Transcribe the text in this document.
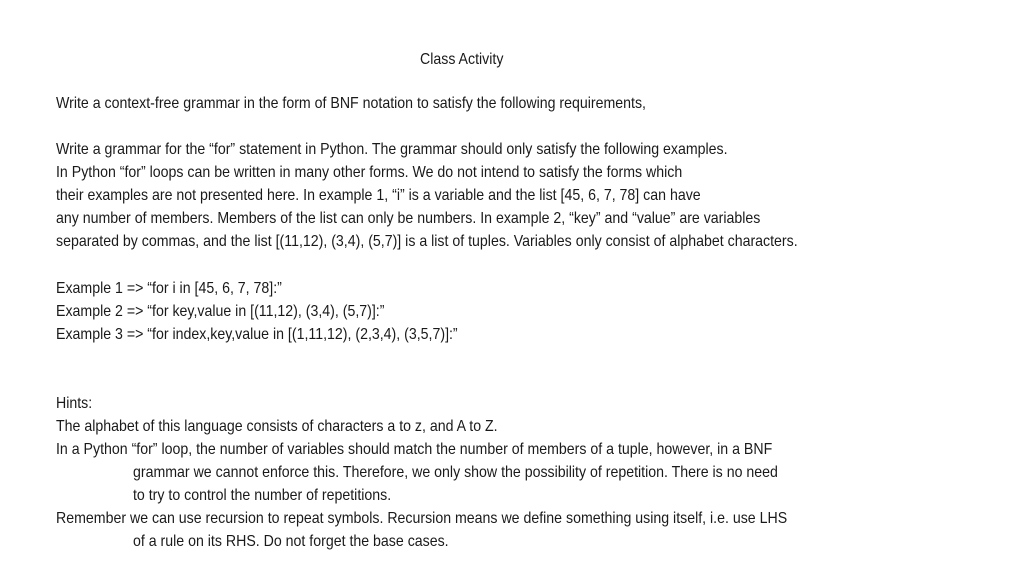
Class Activity
Write a context-free grammar in the form of BNF notation to satisfy the following requirements,
Write a grammar for the “for” statement in Python. The grammar should only satisfy the following examples.
In Python “for” loops can be written in many other forms. We do not intend to satisfy the forms which
their examples are not presented here. In example 1, “i” is a variable and the list [45, 6, 7, 78] can have
any number of members. Members of the list can only be numbers. In example 2, “key” and “value” are variables
separated by commas, and the list [(11,12), (3,4), (5,7)] is a list of tuples. Variables only consist of alphabet characters.
Example 1 => “for i in [45, 6, 7, 78]:”
Example 2 => “for key,value in [(11,12), (3,4), (5,7)]:”
Example 3 => “for index,key,value in [(1,11,12), (2,3,4), (3,5,7)]:”
Hints:
The alphabet of this language consists of characters a to z, and A to Z.
In a Python “for” loop, the number of variables should match the number of members of a tuple, however, in a BNF
grammar we cannot enforce this. Therefore, we only show the possibility of repetition. There is no need
to try to control the number of repetitions.
Remember we can use recursion to repeat symbols. Recursion means we define something using itself, i.e. use LHS
of a rule on its RHS. Do not forget the base cases.
